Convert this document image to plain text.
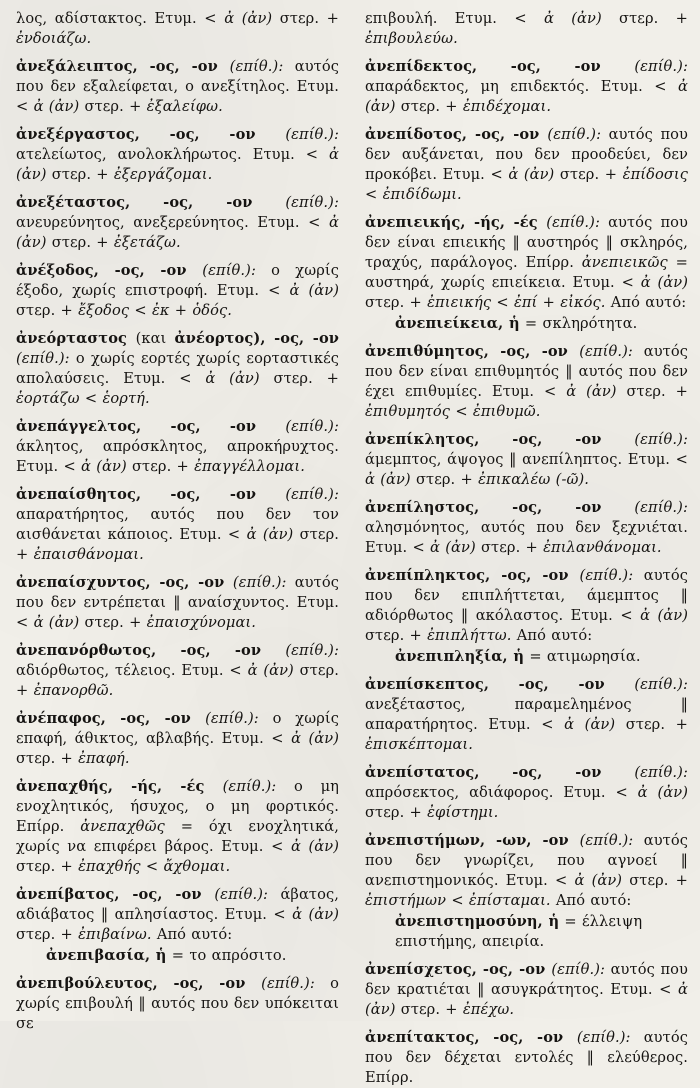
λος, αδίστακτος. Ετυμ. < ἀ (ἀν) στερ. + ἐνδοιάζω.

ἀνεξάλειπτος, -ος, -ον (επίθ.): αυτός που δεν εξαλείφεται, ο ανεξίτηλος. Ετυμ. < ἀ (ἀν) στερ. + ἐξαλείφω.

ἀνεξέργαστος, -ος, -ον (επίθ.): ατελείωτος, ανολοκλήρωτος. Ετυμ. < ἀ (ἀν) στερ. + ἐξεργάζομαι.

ἀνεξέταστος, -ος, -ον (επίθ.): ανευρεύνητος, ανεξερεύνητος. Ετυμ. < ἀ (ἀν) στερ. + ἐξετάζω.

ἀνέξοδος, -ος, -ον (επίθ.): ο χωρίς έξοδο, χωρίς επιστροφή. Ετυμ. < ἀ (ἀν) στερ. + ἔξοδος < ἐκ + ὁδός.

ἀνεόρταστος (και ἀνέορτος), -ος, -ον (επίθ.): ο χωρίς εορτές χωρίς εορταστικές απολαύσεις. Ετυμ. < ἀ (ἀν) στερ. + ἑορτάζω < ἑορτή.

ἀνεπάγγελτος, -ος, -ον (επίθ.): άκλητος, απρόσκλητος, απροκήρυχτος. Ετυμ. < ἀ (ἀν) στερ. + ἐπαγγέλλομαι.

ἀνεπαίσθητος, -ος, -ον (επίθ.): απαρατήρητος, αυτός που δεν τον αισθάνεται κάποιος. Ετυμ. < ἀ (ἀν) στερ. + ἐπαισθάνομαι.

ἀνεπαίσχυντος, -ος, -ον (επίθ.): αυτός που δεν εντρέπεται ‖ αναίσχυντος. Ετυμ. < ἀ (ἀν) στερ. + ἐπαισχύνομαι.

ἀνεπανόρθωτος, -ος, -ον (επίθ.): αδιόρθωτος, τέλειος. Ετυμ. < ἀ (ἀν) στερ. + ἐπανορθῶ.

ἀνέπαφος, -ος, -ον (επίθ.): ο χωρίς επαφή, άθικτος, αβλαβής. Ετυμ. < ἀ (ἀν) στερ. + ἐπαφή.

ἀνεπαχθής, -ής, -ές (επίθ.): ο μη ενοχλητικός, ήσυχος, ο μη φορτικός. Επίρρ. ἀνεπαχθῶς = όχι ενοχλητικά, χωρίς να επιφέρει βάρος. Ετυμ. < ἀ (ἀν) στερ. + ἐπαχθής < ἄχθομαι.

ἀνεπίβατος, -ος, -ον (επίθ.): άβατος, αδιάβατος ‖ απλησίαστος. Ετυμ. < ἀ (ἀν) στερ. + ἐπιβαίνω. Από αυτό:

ἀνεπιβασία, ἡ = το απρόσιτο.

ἀνεπιβούλευτος, -ος, -ον (επίθ.): ο χωρίς επιβουλή ‖ αυτός που δεν υπόκειται σε

επιβουλή. Ετυμ. < ἀ (ἀν) στερ. + ἐπιβουλεύω.

ἀνεπίδεκτος, -ος, -ον (επίθ.): απαράδεκτος, μη επιδεκτός. Ετυμ. < ἀ (ἀν) στερ. + ἐπιδέχομαι.

ἀνεπίδοτος, -ος, -ον (επίθ.): αυτός που δεν αυξάνεται, που δεν προοδεύει, δεν προκόβει. Ετυμ. < ἀ (ἀν) στερ. + ἐπίδοσις < ἐπιδίδωμι.

ἀνεπιεικής, -ής, -ές (επίθ.): αυτός που δεν είναι επιεικής ‖ αυστηρός ‖ σκληρός, τραχύς, παράλογος. Επίρρ. ἀνεπιεικῶς = αυστηρά, χωρίς επιείκεια. Ετυμ. < ἀ (ἀν) στερ. + ἐπιεικής < ἐπί + εἰκός. Από αυτό:

ἀνεπιείκεια, ἡ = σκληρότητα.

ἀνεπιθύμητος, -ος, -ον (επίθ.): αυτός που δεν είναι επιθυμητός ‖ αυτός που δεν έχει επιθυμίες. Ετυμ. < ἀ (ἀν) στερ. + ἐπιθυμητός < ἐπιθυμῶ.

ἀνεπίκλητος, -ος, -ον (επίθ.): άμεμπτος, άψογος ‖ ανεπίληπτος. Ετυμ. < ἀ (ἀν) στερ. + ἐπικαλέω (-ῶ).

ἀνεπίληστος, -ος, -ον (επίθ.): αλησμόνητος, αυτός που δεν ξεχνιέται. Ετυμ. < ἀ (ἀν) στερ. + ἐπιλανθάνομαι.

ἀνεπίπληκτος, -ος, -ον (επίθ.): αυτός που δεν επιπλήττεται, άμεμπτος ‖ αδιόρθωτος ‖ ακόλαστος. Ετυμ. < ἀ (ἀν) στερ. + ἐπιπλήττω. Από αυτό:

ἀνεπιπληξία, ἡ = ατιμωρησία.

ἀνεπίσκεπτος, -ος, -ον (επίθ.): ανεξέταστος, παραμελημένος ‖ απαρατήρητος. Ετυμ. < ἀ (ἀν) στερ. + ἐπισκέπτομαι.

ἀνεπίστατος, -ος, -ον (επίθ.): απρόσεκτος, αδιάφορος. Ετυμ. < ἀ (ἀν) στερ. + ἐφίστημι.

ἀνεπιστήμων, -ων, -ον (επίθ.): αυτός που δεν γνωρίζει, που αγνοεί ‖ ανεπιστημονικός. Ετυμ. < ἀ (ἀν) στερ. + ἐπιστήμων < ἐπίσταμαι. Από αυτό:

ἀνεπιστημοσύνη, ἡ = έλλειψη επιστήμης, απειρία.

ἀνεπίσχετος, -ος, -ον (επίθ.): αυτός που δεν κρατιέται ‖ ασυγκράτητος. Ετυμ. < ἀ (ἀν) στερ. + ἐπέχω.

ἀνεπίτακτος, -ος, -ον (επίθ.): αυτός που δεν δέχεται εντολές ‖ ελεύθερος. Επίρρ.
